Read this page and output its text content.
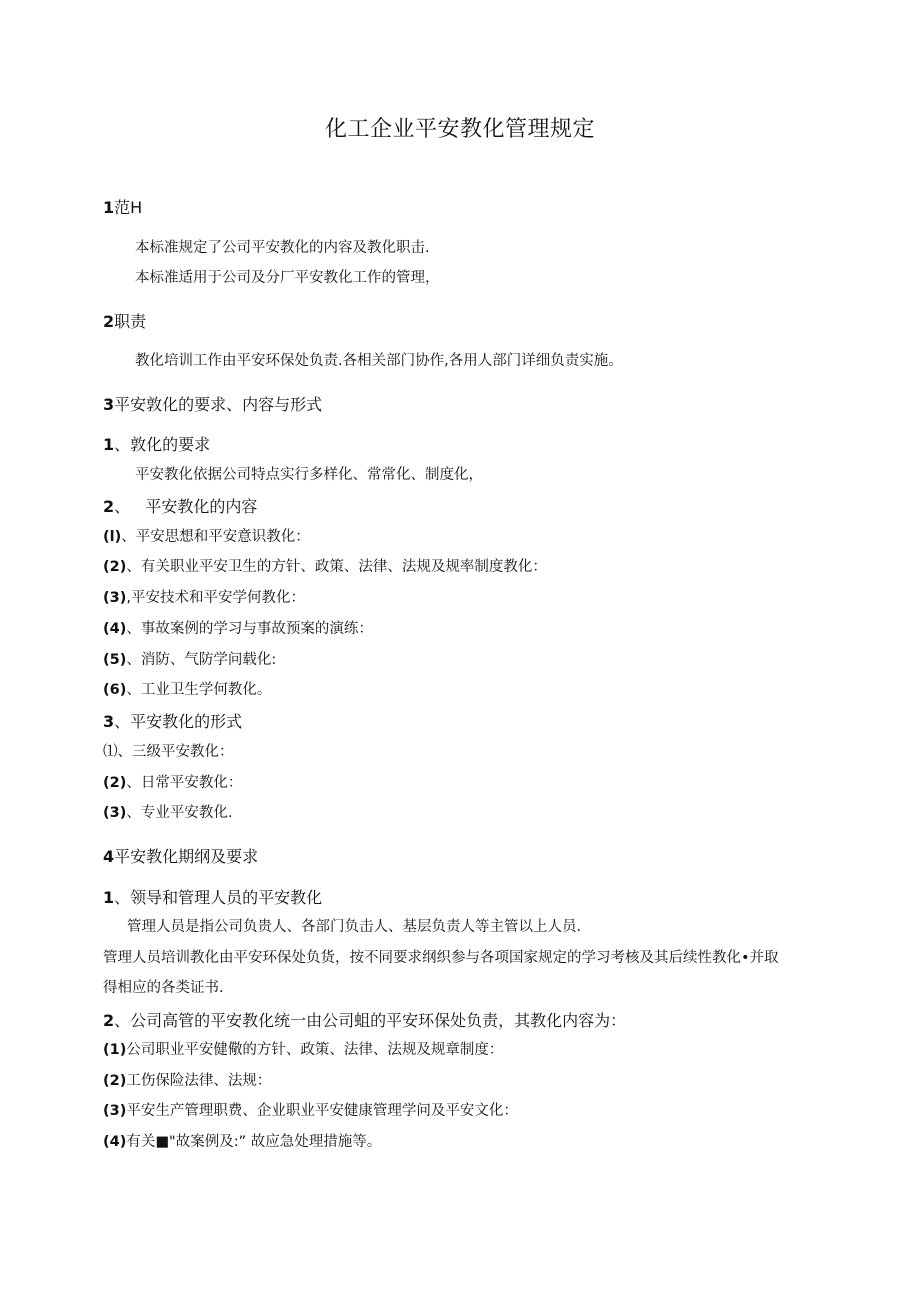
化工企业平安教化管理规定
1范H
本标准规定了公司平安教化的内容及教化职击.
本标准适用于公司及分厂平安教化工作的管理，
2职责
教化培训工作由平安环保处负责.各相关部门协作,各用人部门详细负责实施。
3平安敦化的要求、内容与形式
1、敦化的要求
平安教化依据公司特点实行多样化、常常化、制度化，
2、   平安教化的内容
(l)、平安思想和平安意识教化：
(2)、有关职业平安卫生的方针、政策、法律、法规及规率制度教化：
(3),平安技术和平安学何教化：
(4)、事故案例的学习与事故预案的演练：
(5)、消防、气防学问载化:
(6)、工业卫生学何教化。
3、平安教化的形式
⑴、三级平安教化：
(2)、日常平安教化：
(3)、专业平安教化.
4平安教化期纲及要求
1、领导和管理人员的平安教化
管理人员是指公司负贵人、各部门负击人、基层负责人等主管以上人员.
管理人员培训教化由平安环保处负货，按不同要求纲织参与各项国家规定的学习考核及其后续性教化•并取
得相应的各类证书.
2、公司高管的平安教化统一由公司蛆的平安环保处负责，其教化内容为：
(1)公司职业平安健儆的方针、政策、法律、法规及规章制度：
(2)工伤保险法律、法规：
(3)平安生产管理职费、企业职业平安健康管理学问及平安文化：
(4)有关■"故案例及:” 故应急处理措施等。
